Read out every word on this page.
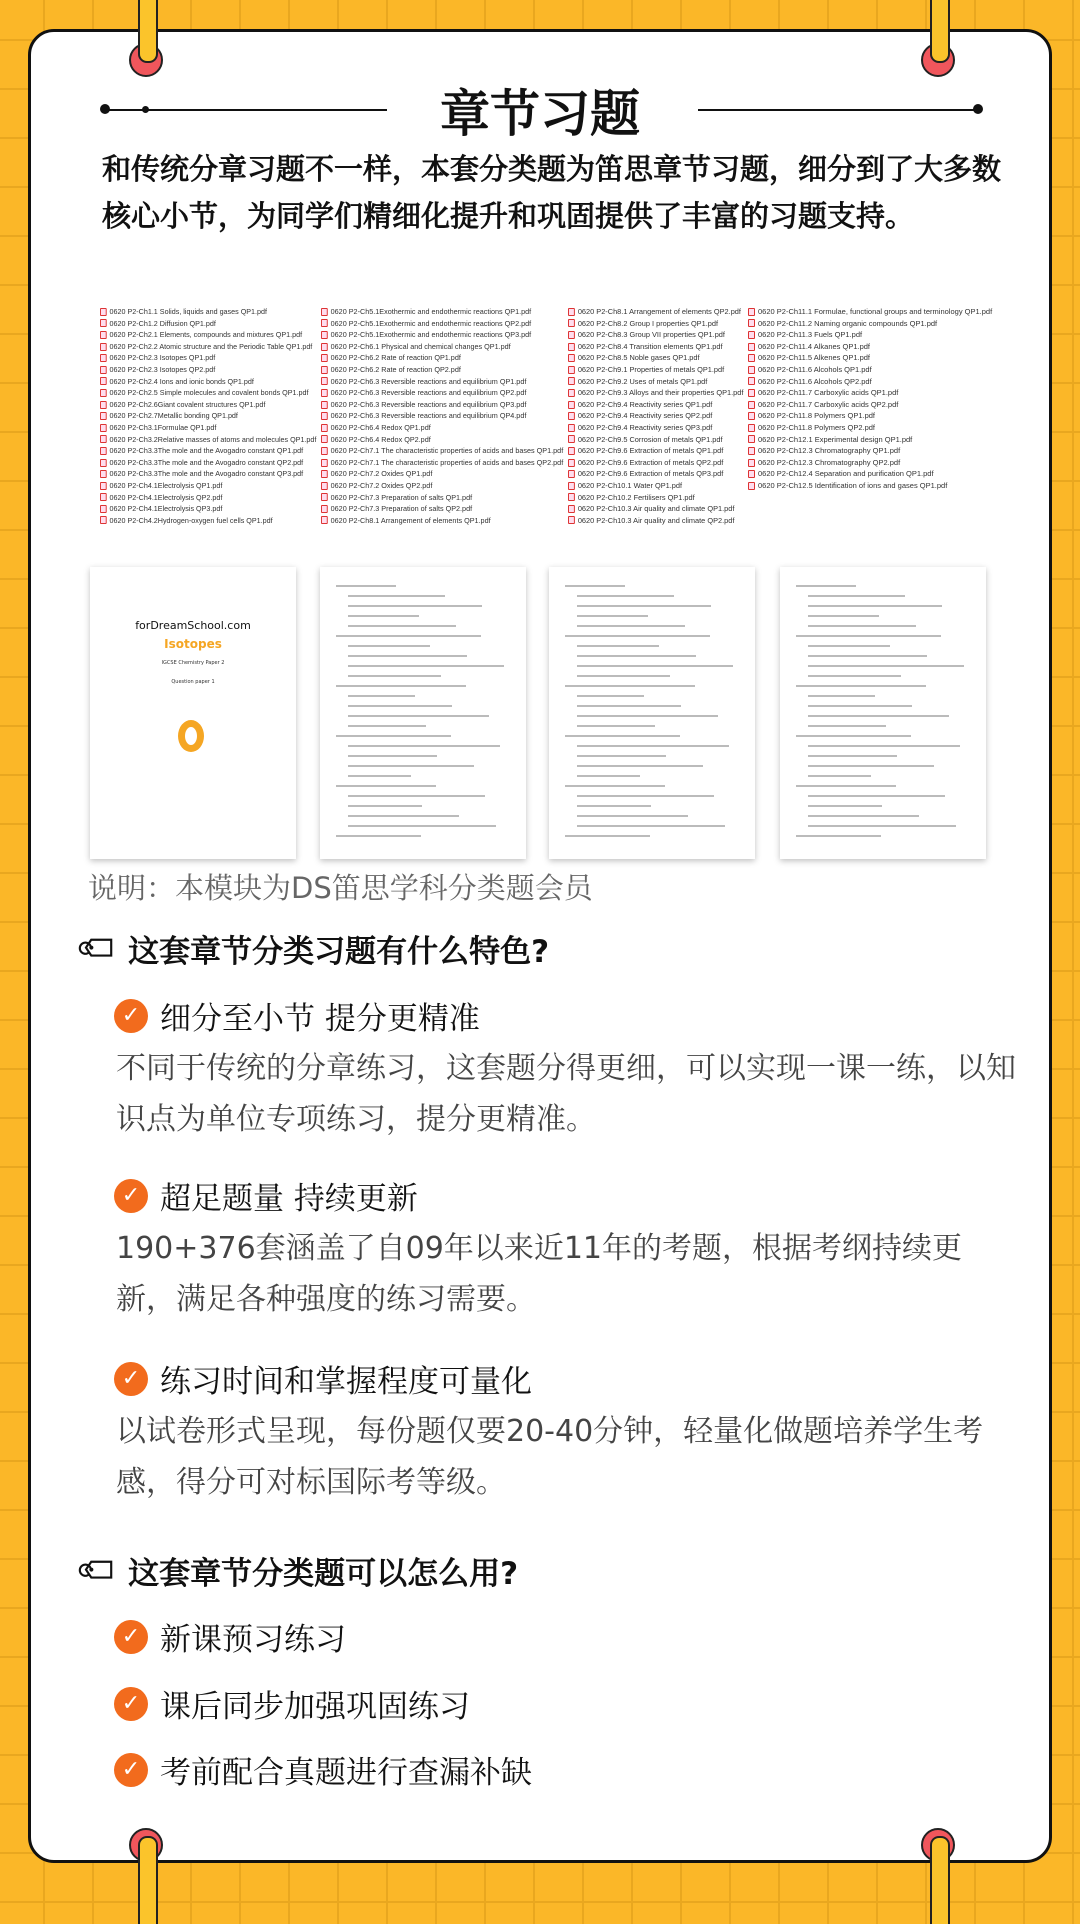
章节习题
和传统分章习题不一样，本套分类题为笛思章节习题，细分到了大多数核心小节，为同学们精细化提升和巩固提供了丰富的习题支持。
0620 P2-Ch1.1 Solids, liquids and gases QP1.pdf
0620 P2-Ch1.2 Diffusion QP1.pdf
0620 P2-Ch2.1 Elements, compounds and mixtures QP1.pdf
0620 P2-Ch2.2 Atomic structure and the Periodic Table QP1.pdf
0620 P2-Ch2.3 Isotopes QP1.pdf
0620 P2-Ch2.3 Isotopes QP2.pdf
0620 P2-Ch2.4 Ions and ionic bonds QP1.pdf
0620 P2-Ch2.5 Simple molecules and covalent bonds QP1.pdf
0620 P2-Ch2.6Giant covalent structures QP1.pdf
0620 P2-Ch2.7Metallic bonding QP1.pdf
0620 P2-Ch3.1Formulae QP1.pdf
0620 P2-Ch3.2Relative masses of atoms and molecules QP1.pdf
0620 P2-Ch3.3The mole and the Avogadro constant QP1.pdf
0620 P2-Ch3.3The mole and the Avogadro constant QP2.pdf
0620 P2-Ch3.3The mole and the Avogadro constant QP3.pdf
0620 P2-Ch4.1Electrolysis QP1.pdf
0620 P2-Ch4.1Electrolysis QP2.pdf
0620 P2-Ch4.1Electrolysis QP3.pdf
0620 P2-Ch4.2Hydrogen-oxygen fuel cells QP1.pdf
0620 P2-Ch5.1Exothermic and endothermic reactions QP1.pdf
0620 P2-Ch5.1Exothermic and endothermic reactions QP2.pdf
0620 P2-Ch5.1Exothermic and endothermic reactions QP3.pdf
0620 P2-Ch6.1 Physical and chemical changes QP1.pdf
0620 P2-Ch6.2 Rate of reaction QP1.pdf
0620 P2-Ch6.2 Rate of reaction QP2.pdf
0620 P2-Ch6.3 Reversible reactions and equilibrium QP1.pdf
0620 P2-Ch6.3 Reversible reactions and equilibrium QP2.pdf
0620 P2-Ch6.3 Reversible reactions and equilibrium QP3.pdf
0620 P2-Ch6.3 Reversible reactions and equilibrium QP4.pdf
0620 P2-Ch6.4 Redox QP1.pdf
0620 P2-Ch6.4 Redox QP2.pdf
0620 P2-Ch7.1 The characteristic properties of acids and bases QP1.pdf
0620 P2-Ch7.1 The characteristic properties of acids and bases QP2.pdf
0620 P2-Ch7.2 Oxides QP1.pdf
0620 P2-Ch7.2 Oxides QP2.pdf
0620 P2-Ch7.3 Preparation of salts QP1.pdf
0620 P2-Ch7.3 Preparation of salts QP2.pdf
0620 P2-Ch8.1 Arrangement of elements QP1.pdf
0620 P2-Ch8.1 Arrangement of elements QP2.pdf
0620 P2-Ch8.2 Group I properties QP1.pdf
0620 P2-Ch8.3 Group VII properties QP1.pdf
0620 P2-Ch8.4 Transition elements QP1.pdf
0620 P2-Ch8.5 Noble gases QP1.pdf
0620 P2-Ch9.1 Properties of metals QP1.pdf
0620 P2-Ch9.2 Uses of metals QP1.pdf
0620 P2-Ch9.3 Alloys and their properties QP1.pdf
0620 P2-Ch9.4 Reactivity series QP1.pdf
0620 P2-Ch9.4 Reactivity series QP2.pdf
0620 P2-Ch9.4 Reactivity series QP3.pdf
0620 P2-Ch9.5 Corrosion of metals QP1.pdf
0620 P2-Ch9.6 Extraction of metals QP1.pdf
0620 P2-Ch9.6 Extraction of metals QP2.pdf
0620 P2-Ch9.6 Extraction of metals QP3.pdf
0620 P2-Ch10.1 Water QP1.pdf
0620 P2-Ch10.2 Fertilisers QP1.pdf
0620 P2-Ch10.3 Air quality and climate QP1.pdf
0620 P2-Ch10.3 Air quality and climate QP2.pdf
0620 P2-Ch11.1 Formulae, functional groups and terminology QP1.pdf
0620 P2-Ch11.2 Naming organic compounds QP1.pdf
0620 P2-Ch11.3 Fuels QP1.pdf
0620 P2-Ch11.4 Alkanes QP1.pdf
0620 P2-Ch11.5 Alkenes QP1.pdf
0620 P2-Ch11.6 Alcohols QP1.pdf
0620 P2-Ch11.6 Alcohols QP2.pdf
0620 P2-Ch11.7 Carboxylic acids QP1.pdf
0620 P2-Ch11.7 Carboxylic acids QP2.pdf
0620 P2-Ch11.8 Polymers QP1.pdf
0620 P2-Ch11.8 Polymers QP2.pdf
0620 P2-Ch12.1 Experimental design QP1.pdf
0620 P2-Ch12.3 Chromatography QP1.pdf
0620 P2-Ch12.3 Chromatography QP2.pdf
0620 P2-Ch12.4 Separation and purification QP1.pdf
0620 P2-Ch12.5 Identification of ions and gases QP1.pdf
forDreamSchool.com
Isotopes
IGCSE Chemistry Paper 2
Question paper 1
说明：本模块为DS笛思学科分类题会员
🏷 这套章节分类习题有什么特色?
✓ 细分至小节 提分更精准
不同于传统的分章练习，这套题分得更细，可以实现一课一练，以知识点为单位专项练习，提分更精准。
✓ 超足题量 持续更新
190+376套涵盖了自09年以来近11年的考题，根据考纲持续更新，满足各种强度的练习需要。
✓ 练习时间和掌握程度可量化
以试卷形式呈现，每份题仅要20-40分钟，轻量化做题培养学生考感，得分可对标国际考等级。
🏷 这套章节分类题可以怎么用?
✓ 新课预习练习
✓ 课后同步加强巩固练习
✓ 考前配合真题进行查漏补缺
